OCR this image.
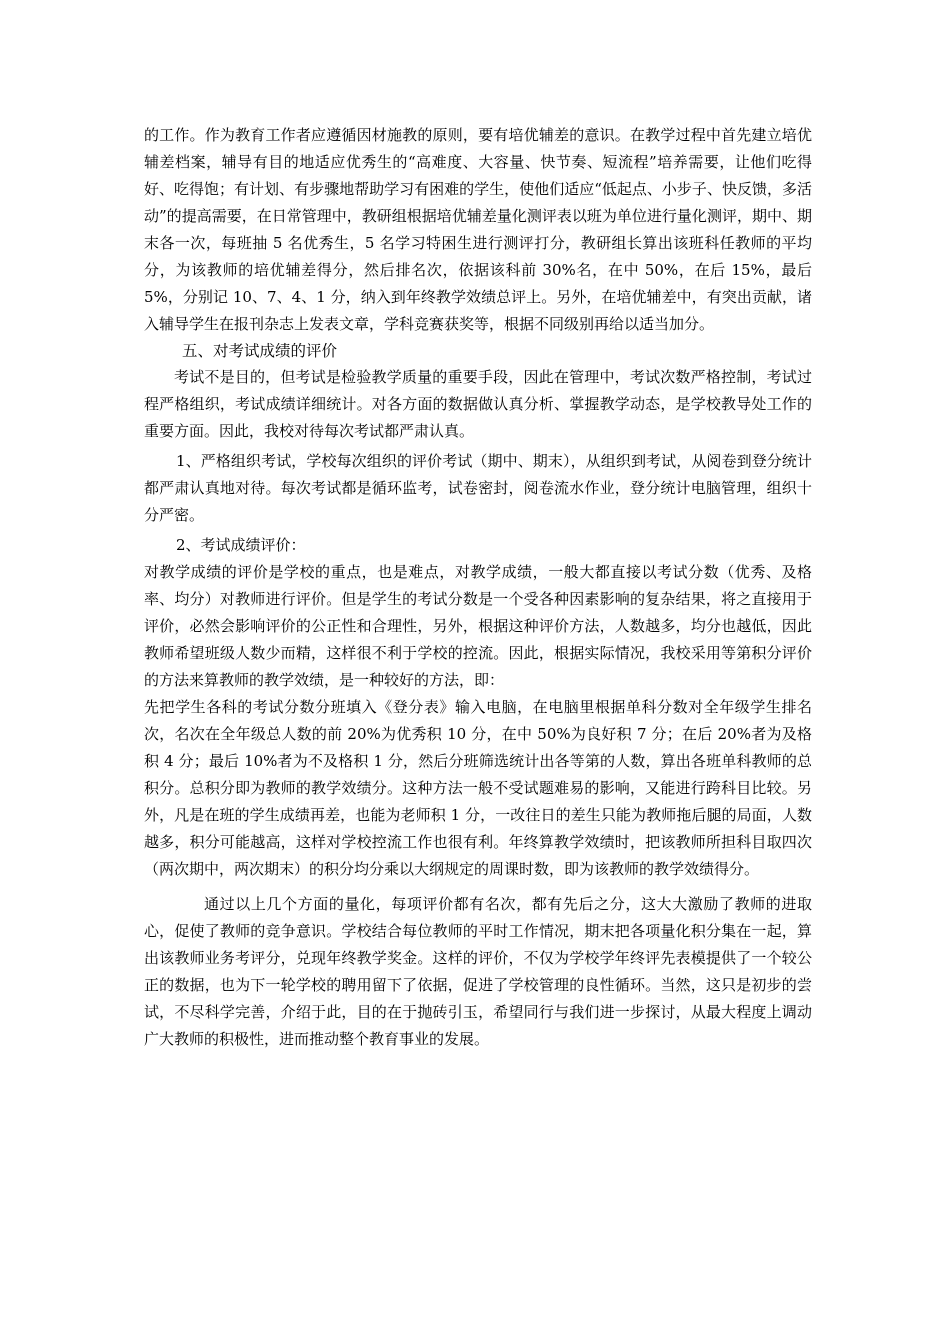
的工作。作为教育工作者应遵循因材施教的原则，要有培优辅差的意识。在教学过程中首先建立培优辅差档案，辅导有目的地适应优秀生的“高难度、大容量、快节奏、短流程”培养需要，让他们吃得好、吃得饱；有计划、有步骤地帮助学习有困难的学生，使他们适应“低起点、小步子、快反馈，多活动”的提高需要，在日常管理中，教研组根据培优辅差量化测评表以班为单位进行量化测评，期中、期末各一次，每班抽 5 名优秀生，5 名学习特困生进行测评打分，教研组长算出该班科任教师的平均分，为该教师的培优辅差得分，然后排名次，依据该科前 30%名，在中 50%，在后 15%，最后 5%，分别记 10、7、4、1 分，纳入到年终教学效绩总评上。另外，在培优辅差中，有突出贡献，诸入辅导学生在报刊杂志上发表文章，学科竞赛获奖等，根据不同级别再给以适当加分。

五、对考试成绩的评价

考试不是目的，但考试是检验教学质量的重要手段，因此在管理中，考试次数严格控制，考试过程严格组织，考试成绩详细统计。对各方面的数据做认真分析、掌握教学动态，是学校教导处工作的重要方面。因此，我校对待每次考试都严肃认真。

1、严格组织考试，学校每次组织的评价考试（期中、期末），从组织到考试，从阅卷到登分统计都严肃认真地对待。每次考试都是循环监考，试卷密封，阅卷流水作业，登分统计电脑管理，组织十分严密。

2、考试成绩评价：

对教学成绩的评价是学校的重点，也是难点，对教学成绩，一般大都直接以考试分数（优秀、及格率、均分）对教师进行评价。但是学生的考试分数是一个受各种因素影响的复杂结果，将之直接用于评价，必然会影响评价的公正性和合理性，另外，根据这种评价方法，人数越多，均分也越低，因此教师希望班级人数少而精，这样很不利于学校的控流。因此，根据实际情况，我校采用等第积分评价的方法来算教师的教学效绩，是一种较好的方法，即：

先把学生各科的考试分数分班填入《登分表》输入电脑，在电脑里根据单科分数对全年级学生排名次，名次在全年级总人数的前 20%为优秀积 10 分，在中 50%为良好积 7 分；在后 20%者为及格积 4 分；最后 10%者为不及格积 1 分，然后分班筛选统计出各等第的人数，算出各班单科教师的总积分。总积分即为教师的教学效绩分。这种方法一般不受试题难易的影响，又能进行跨科目比较。另外，凡是在班的学生成绩再差，也能为老师积 1 分，一改往日的差生只能为教师拖后腿的局面，人数越多，积分可能越高，这样对学校控流工作也很有利。年终算教学效绩时，把该教师所担科目取四次（两次期中，两次期末）的积分均分乘以大纲规定的周课时数，即为该教师的教学效绩得分。

通过以上几个方面的量化，每项评价都有名次，都有先后之分，这大大激励了教师的进取心，促使了教师的竞争意识。学校结合每位教师的平时工作情况，期末把各项量化积分集在一起，算出该教师业务考评分，兑现年终教学奖金。这样的评价，不仅为学校学年终评先表模提供了一个较公正的数据，也为下一轮学校的聘用留下了依据，促进了学校管理的良性循环。当然，这只是初步的尝试，不尽科学完善，介绍于此，目的在于抛砖引玉，希望同行与我们进一步探讨，从最大程度上调动广大教师的积极性，进而推动整个教育事业的发展。
